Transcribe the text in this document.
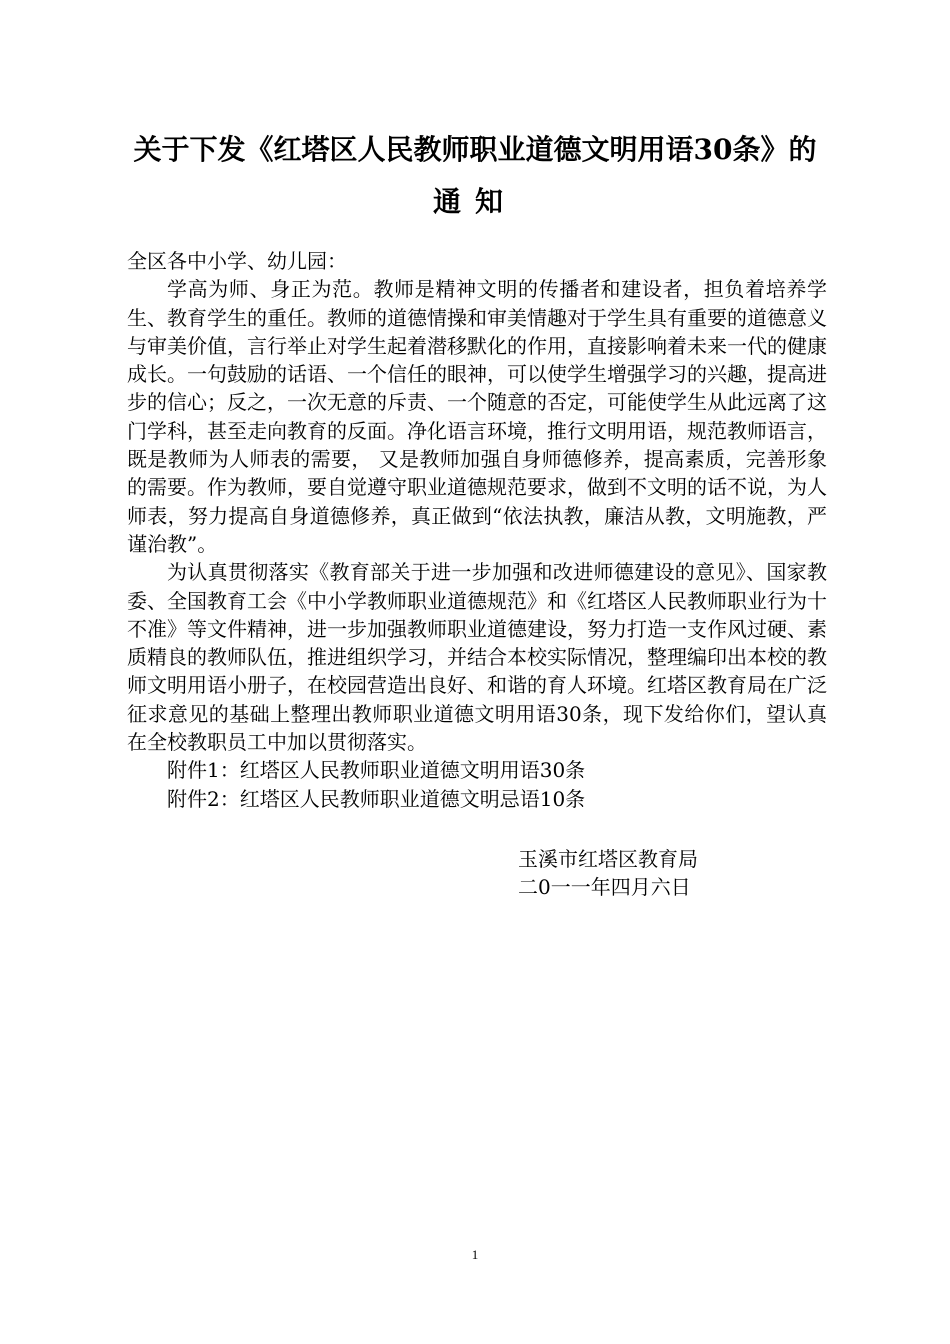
关于下发《红塔区人民教师职业道德文明用语30条》的
通知

全区各中小学、幼儿园：

学高为师、身正为范。教师是精神文明的传播者和建设者，担负着培养学生、教育学生的重任。教师的道德情操和审美情趣对于学生具有重要的道德意义与审美价值，言行举止对学生起着潜移默化的作用，直接影响着未来一代的健康成长。一句鼓励的话语、一个信任的眼神，可以使学生增强学习的兴趣，提高进步的信心；反之，一次无意的斥责、一个随意的否定，可能使学生从此远离了这门学科，甚至走向教育的反面。净化语言环境，推行文明用语，规范教师语言，既是教师为人师表的需要， 又是教师加强自身师德修养，提高素质，完善形象的需要。作为教师，要自觉遵守职业道德规范要求，做到不文明的话不说，为人师表，努力提高自身道德修养，真正做到“依法执教，廉洁从教，文明施教，严谨治教”。

为认真贯彻落实《教育部关于进一步加强和改进师德建设的意见》、国家教委、全国教育工会《中小学教师职业道德规范》和《红塔区人民教师职业行为十不准》等文件精神，进一步加强教师职业道德建设，努力打造一支作风过硬、素质精良的教师队伍，推进组织学习，并结合本校实际情况，整理编印出本校的教师文明用语小册子，在校园营造出良好、和谐的育人环境。红塔区教育局在广泛征求意见的基础上整理出教师职业道德文明用语30条，现下发给你们，望认真在全校教职员工中加以贯彻落实。

附件1：红塔区人民教师职业道德文明用语30条

附件2：红塔区人民教师职业道德文明忌语10条

玉溪市红塔区教育局
二0一一年四月六日
1
